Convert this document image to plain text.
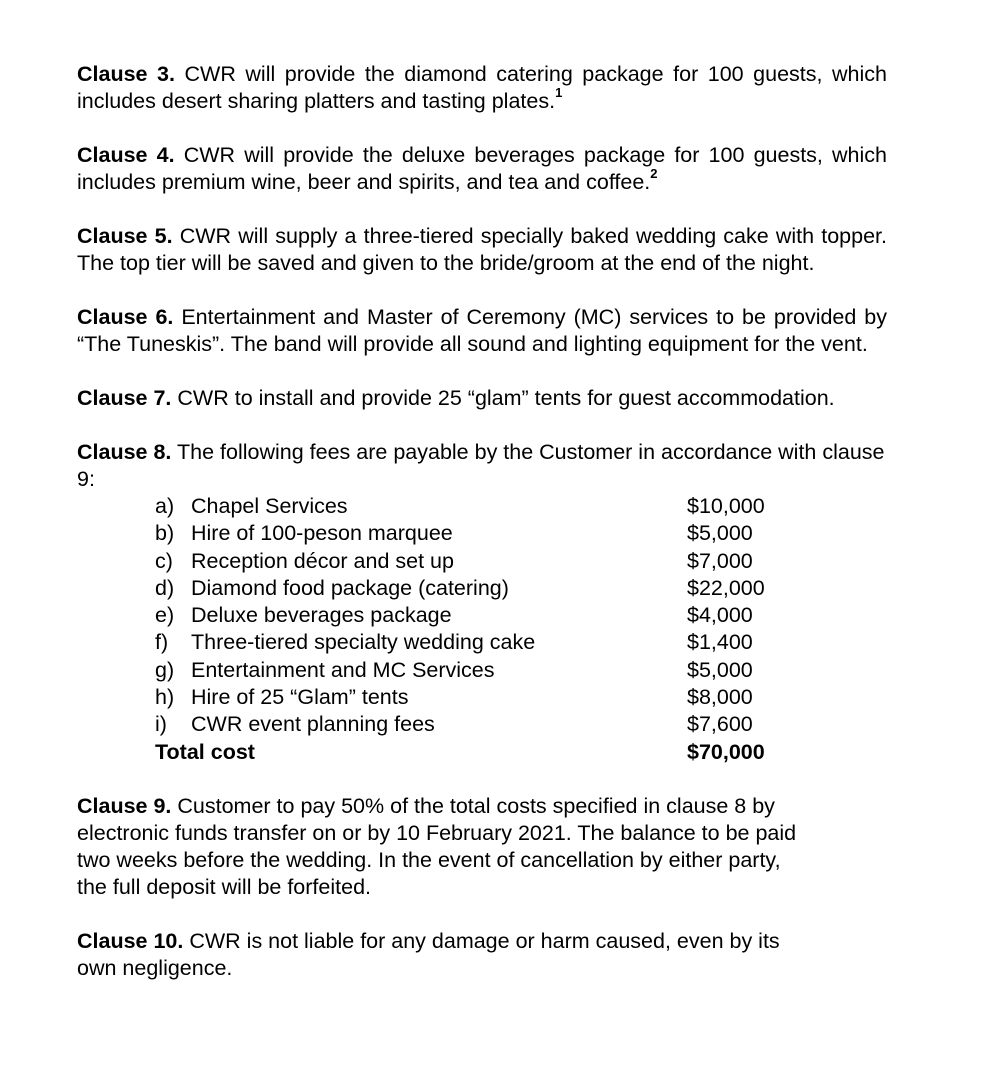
Clause 3. CWR will provide the diamond catering package for 100 guests, which includes desert sharing platters and tasting plates.$^1$

Clause 4. CWR will provide the deluxe beverages package for 100 guests, which includes premium wine, beer and spirits, and tea and coffee.$^2$

Clause 5. CWR will supply a three-tiered specially baked wedding cake with topper. The top tier will be saved and given to the bride/groom at the end of the night.

Clause 6. Entertainment and Master of Ceremony (MC) services to be provided by “The Tuneskis”. The band will provide all sound and lighting equipment for the vent.

Clause 7. CWR to install and provide 25 “glam” tents for guest accommodation.

Clause 8. The following fees are payable by the Customer in accordance with clause 9:

a)	Chapel Services	$10,000
b)	Hire of 100-peson marquee	$5,000
c)	Reception décor and set up	$7,000
d)	Diamond food package (catering)	$22,000
e)	Deluxe beverages package	$4,000
f)	Three-tiered specialty wedding cake	$1,400
g)	Entertainment and MC Services	$5,000
h)	Hire of 25 “Glam” tents	$8,000
i)	CWR event planning fees	$7,600
Total cost		$70,000

Clause 9. Customer to pay 50% of the total costs specified in clause 8 by
electronic funds transfer on or by 10 February 2021. The balance to be paid
two weeks before the wedding. In the event of cancellation by either party,
the full deposit will be forfeited.

Clause 10. CWR is not liable for any damage or harm caused, even by its
own negligence.
